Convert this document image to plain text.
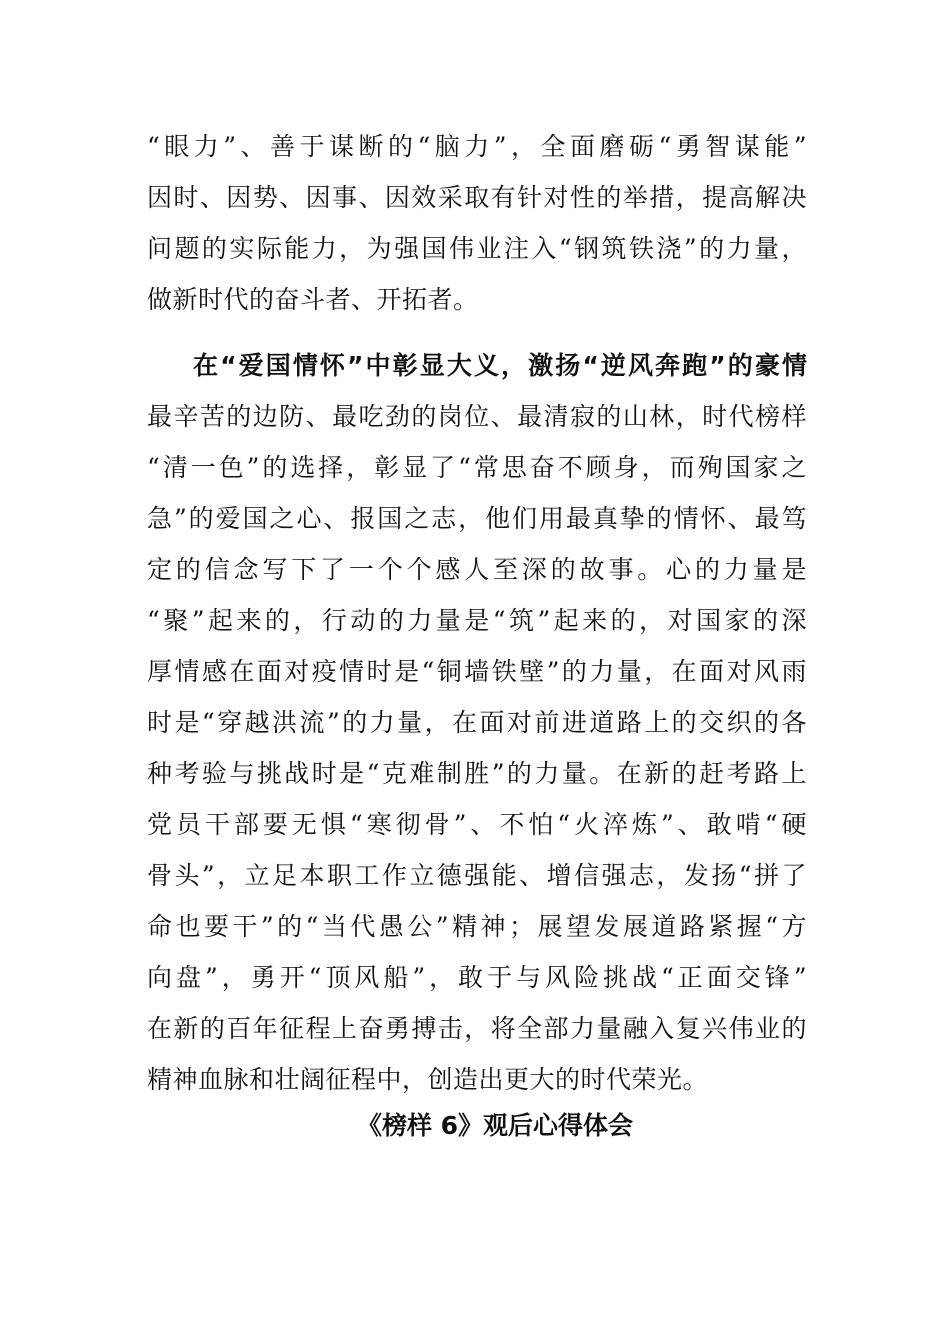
“眼力”、善于谋断的“脑力”，全面磨砺“勇智谋能”
因时、因势、因事、因效采取有针对性的举措，提高解决
问题的实际能力，为强国伟业注入“钢筑铁浇”的力量，
做新时代的奋斗者、开拓者。
在“爱国情怀”中彰显大义，激扬“逆风奔跑”的豪情
最辛苦的边防、最吃劲的岗位、最清寂的山林，时代榜样
“清一色”的选择，彰显了“常思奋不顾身，而殉国家之
急”的爱国之心、报国之志，他们用最真挚的情怀、最笃
定的信念写下了一个个感人至深的故事。心的力量是
“聚”起来的，行动的力量是“筑”起来的，对国家的深
厚情感在面对疫情时是“铜墙铁壁”的力量，在面对风雨
时是“穿越洪流”的力量，在面对前进道路上的交织的各
种考验与挑战时是“克难制胜”的力量。在新的赶考路上
党员干部要无惧“寒彻骨”、不怕“火淬炼”、敢啃“硬
骨头”，立足本职工作立德强能、增信强志，发扬“拼了
命也要干”的“当代愚公”精神；展望发展道路紧握“方
向盘”，勇开“顶风船”，敢于与风险挑战“正面交锋”
在新的百年征程上奋勇搏击，将全部力量融入复兴伟业的
精神血脉和壮阔征程中，创造出更大的时代荣光。
《榜样 6》观后心得体会
